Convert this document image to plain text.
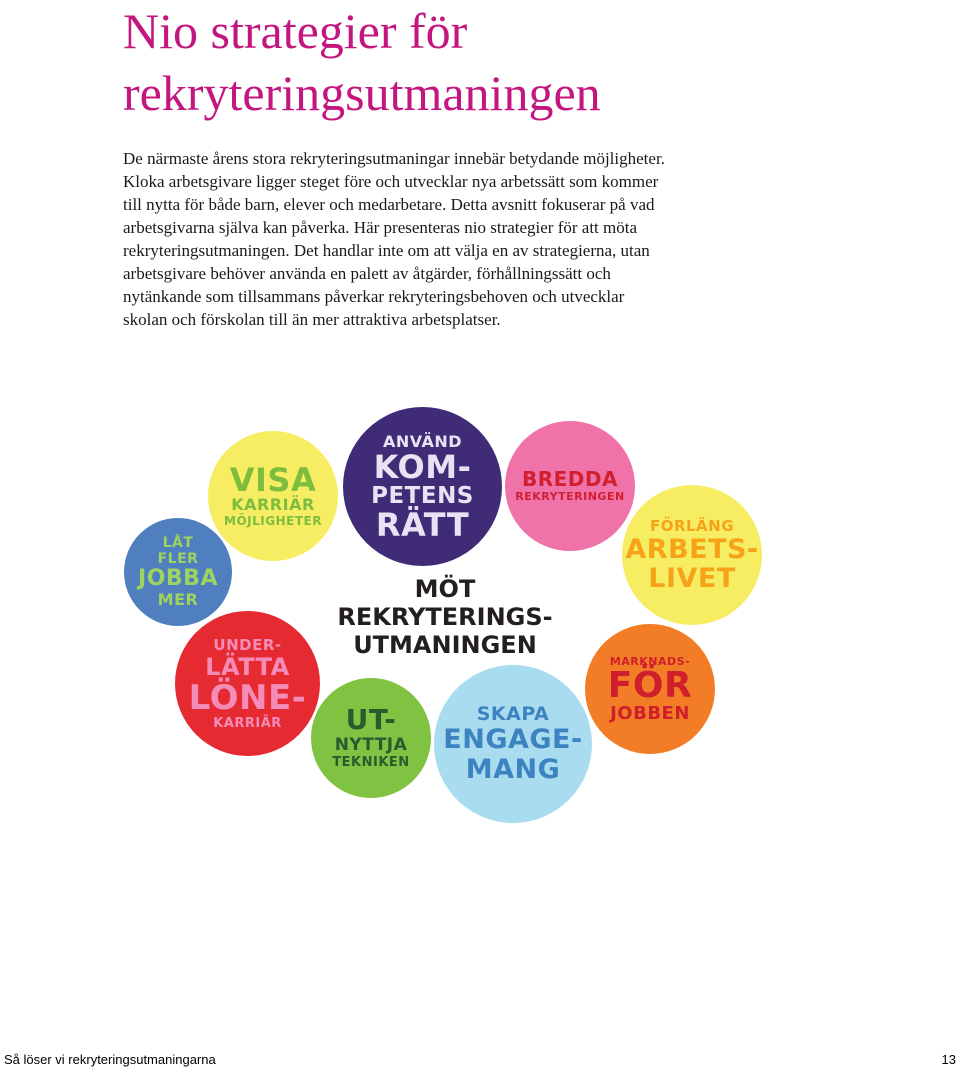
Nio strategier för
rekryteringsutmaningen
De närmaste årens stora rekryteringsutmaningar innebär betydande möjligheter.
Kloka arbetsgivare ligger steget före och utvecklar nya arbetssätt som kommer
till nytta för både barn, elever och medarbetare. Detta avsnitt fokuserar på vad
arbetsgivarna själva kan påverka. Här presenteras nio strategier för att möta
rekryteringsutmaningen. Det handlar inte om att välja en av strategierna, utan
arbetsgivare behöver använda en palett av åtgärder, förhållningssätt och
nytänkande som tillsammans påverkar rekryteringsbehoven och utvecklar
skolan och förskolan till än mer attraktiva arbetsplatser.
VISA
KARRIÄR
MÖJLIGHETER
ANVÄND
KOM-
PETENS
RÄTT
BREDDA
REKRYTERINGEN
LÅT
FLER
JOBBA
MER
FÖRLÄNG
ARBETS-
LIVET
UNDER-
LÄTTA
LÖNE-
KARRIÄR UT-
NYTTJA
TEKNIKEN
SKAPA
ENGAGE-
MANG
MARKNADS-
FÖR
JOBBEN
MÖT
REKRYTERINGS-
UTMANINGEN
Så löser vi rekryteringsutmaningarna	13
